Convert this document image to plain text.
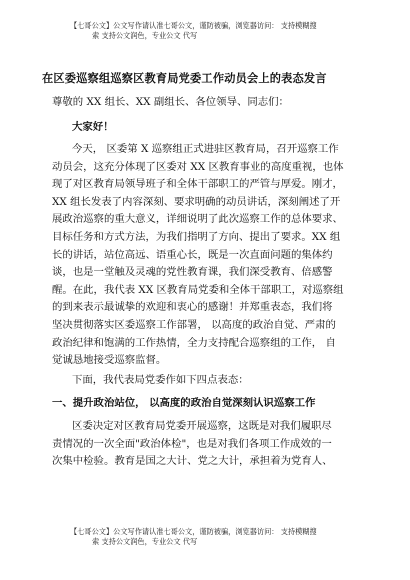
【七哥公文】公文写作请认准七哥公文，谨防被骗，浏览器访问： 支持模糊搜
索 支持公文润色，专业公文 代写
在区委巡察组巡察区教育局党委工作动员会上的表态发言
尊敬的 XX 组长、XX 副组长、各位领导、同志们：
大家好！
今天， 区委第 X 巡察组正式进驻区教育局，召开巡察工作
动员会，这充分体现了区委对 XX 区教育事业的高度重视，也体
现了对区教育局领导班子和全体干部职工的严管与厚爱。刚才，
XX 组长发表了内容深刻、要求明确的动员讲话，深刻阐述了开
展政治巡察的重大意义，详细说明了此次巡察工作的总体要求、
目标任务和方式方法，为我们指明了方向、提出了要求。XX 组
长的讲话，站位高远、语重心长，既是一次直面问题的集体约
谈，也是一堂触及灵魂的党性教育课，我们深受教育、倍感警
醒。在此，我代表 XX 区教育局党委和全体干部职工，对巡察组
的到来表示最诚挚的欢迎和衷心的感谢！并郑重表态，我们将
坚决贯彻落实区委巡察工作部署， 以高度的政治自觉、严肃的
政治纪律和饱满的工作热情，全力支持配合巡察组的工作， 自
觉诚恳地接受巡察监督。
下面，我代表局党委作如下四点表态：
一、提升政治站位， 以高度的政治自觉深刻认识巡察工作
区委决定对区教育局党委开展巡察，这既是对我们履职尽
责情况的一次全面"政治体检"，也是对我们各项工作成效的一
次集中检验。教育是国之大计、党之大计，承担着为党育人、
【七哥公文】公文写作请认准七哥公文，谨防被骗，浏览器访问： 支持模糊搜
索 支持公文润色，专业公文 代写
